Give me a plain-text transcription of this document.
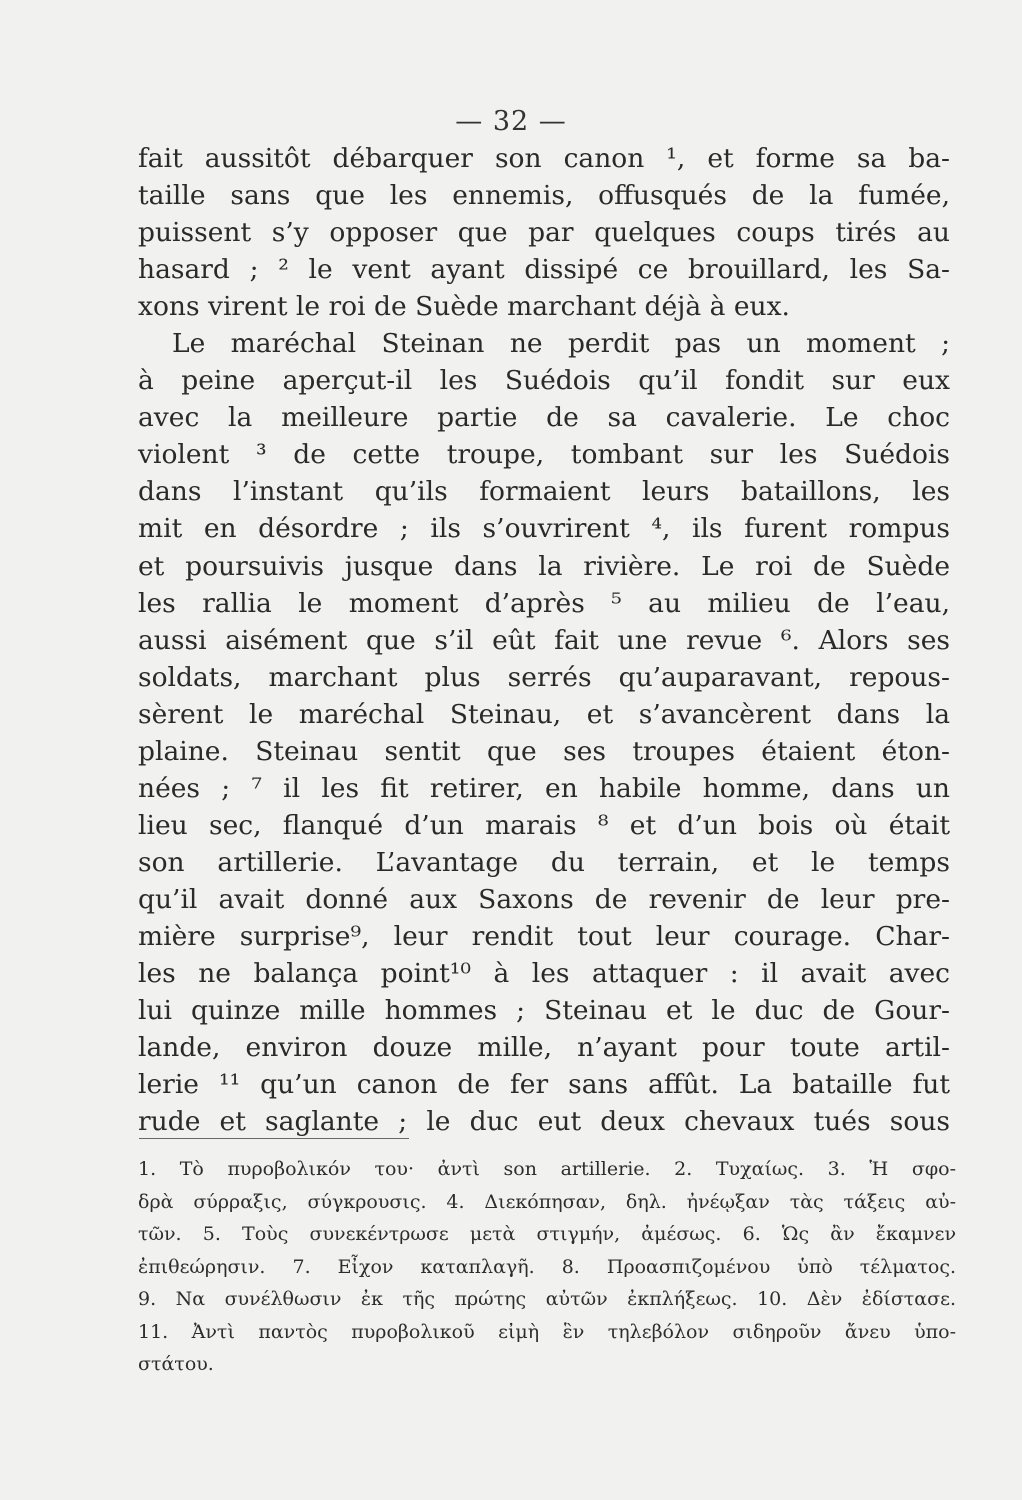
— 32 —
fait aussitôt débarquer son canon ¹, et forme sa ba-
taille sans que les ennemis, offusqués de la fumée,
puissent s’y opposer que par quelques coups tirés au
hasard ; ² le vent ayant dissipé ce brouillard, les Sa-
xons virent le roi de Suède marchant déjà à eux.
Le maréchal Steinan ne perdit pas un moment ;
à peine aperçut-il les Suédois qu’il fondit sur eux
avec la meilleure partie de sa cavalerie. Le choc
violent ³ de cette troupe, tombant sur les Suédois
dans l’instant qu’ils formaient leurs bataillons, les
mit en désordre ; ils s’ouvrirent ⁴, ils furent rompus
et poursuivis jusque dans la rivière. Le roi de Suède
les rallia le moment d’après ⁵ au milieu de l’eau,
aussi aisément que s’il eût fait une revue ⁶. Alors ses
soldats, marchant plus serrés qu’auparavant, repous-
sèrent le maréchal Steinau, et s’avancèrent dans la
plaine. Steinau sentit que ses troupes étaient éton-
nées ; ⁷ il les fit retirer, en habile homme, dans un
lieu sec, flanqué d’un marais ⁸ et d’un bois où était
son artillerie. L’avantage du terrain, et le temps
qu’il avait donné aux Saxons de revenir de leur pre-
mière surprise⁹, leur rendit tout leur courage. Char-
les ne balança point¹⁰ à les attaquer : il avait avec
lui quinze mille hommes ; Steinau et le duc de Gour-
lande, environ douze mille, n’ayant pour toute artil-
lerie ¹¹ qu’un canon de fer sans affût. La bataille fut
rude et saglante ; le duc eut deux chevaux tués sous
1. Τὸ πυροβολικόν του· ἀντὶ son artillerie. 2. Τυχαίως. 3. Ἡ σφο-
δρὰ σύρραξις, σύγκρουσις. 4. Διεκόπησαν, δηλ. ἠνέῳξαν τὰς τάξεις αὐ-
τῶν. 5. Τοὺς συνεκέντρωσε μετὰ στιγμήν, ἀμέσως. 6. Ὡς ἂν ἔκαμνεν
ἐπιθεώρησιν. 7. Εἶχον καταπλαγῆ. 8. Προασπιζομένου ὑπὸ τέλματος.
9. Να συνέλθωσιν ἐκ τῆς πρώτης αὐτῶν ἐκπλήξεως. 10. Δὲν ἐδίστασε.
11. Ἀντὶ παντὸς πυροβολικοῦ εἰμὴ ἓν τηλεβόλον σιδηροῦν ἄνευ ὑπο-
στάτου.
